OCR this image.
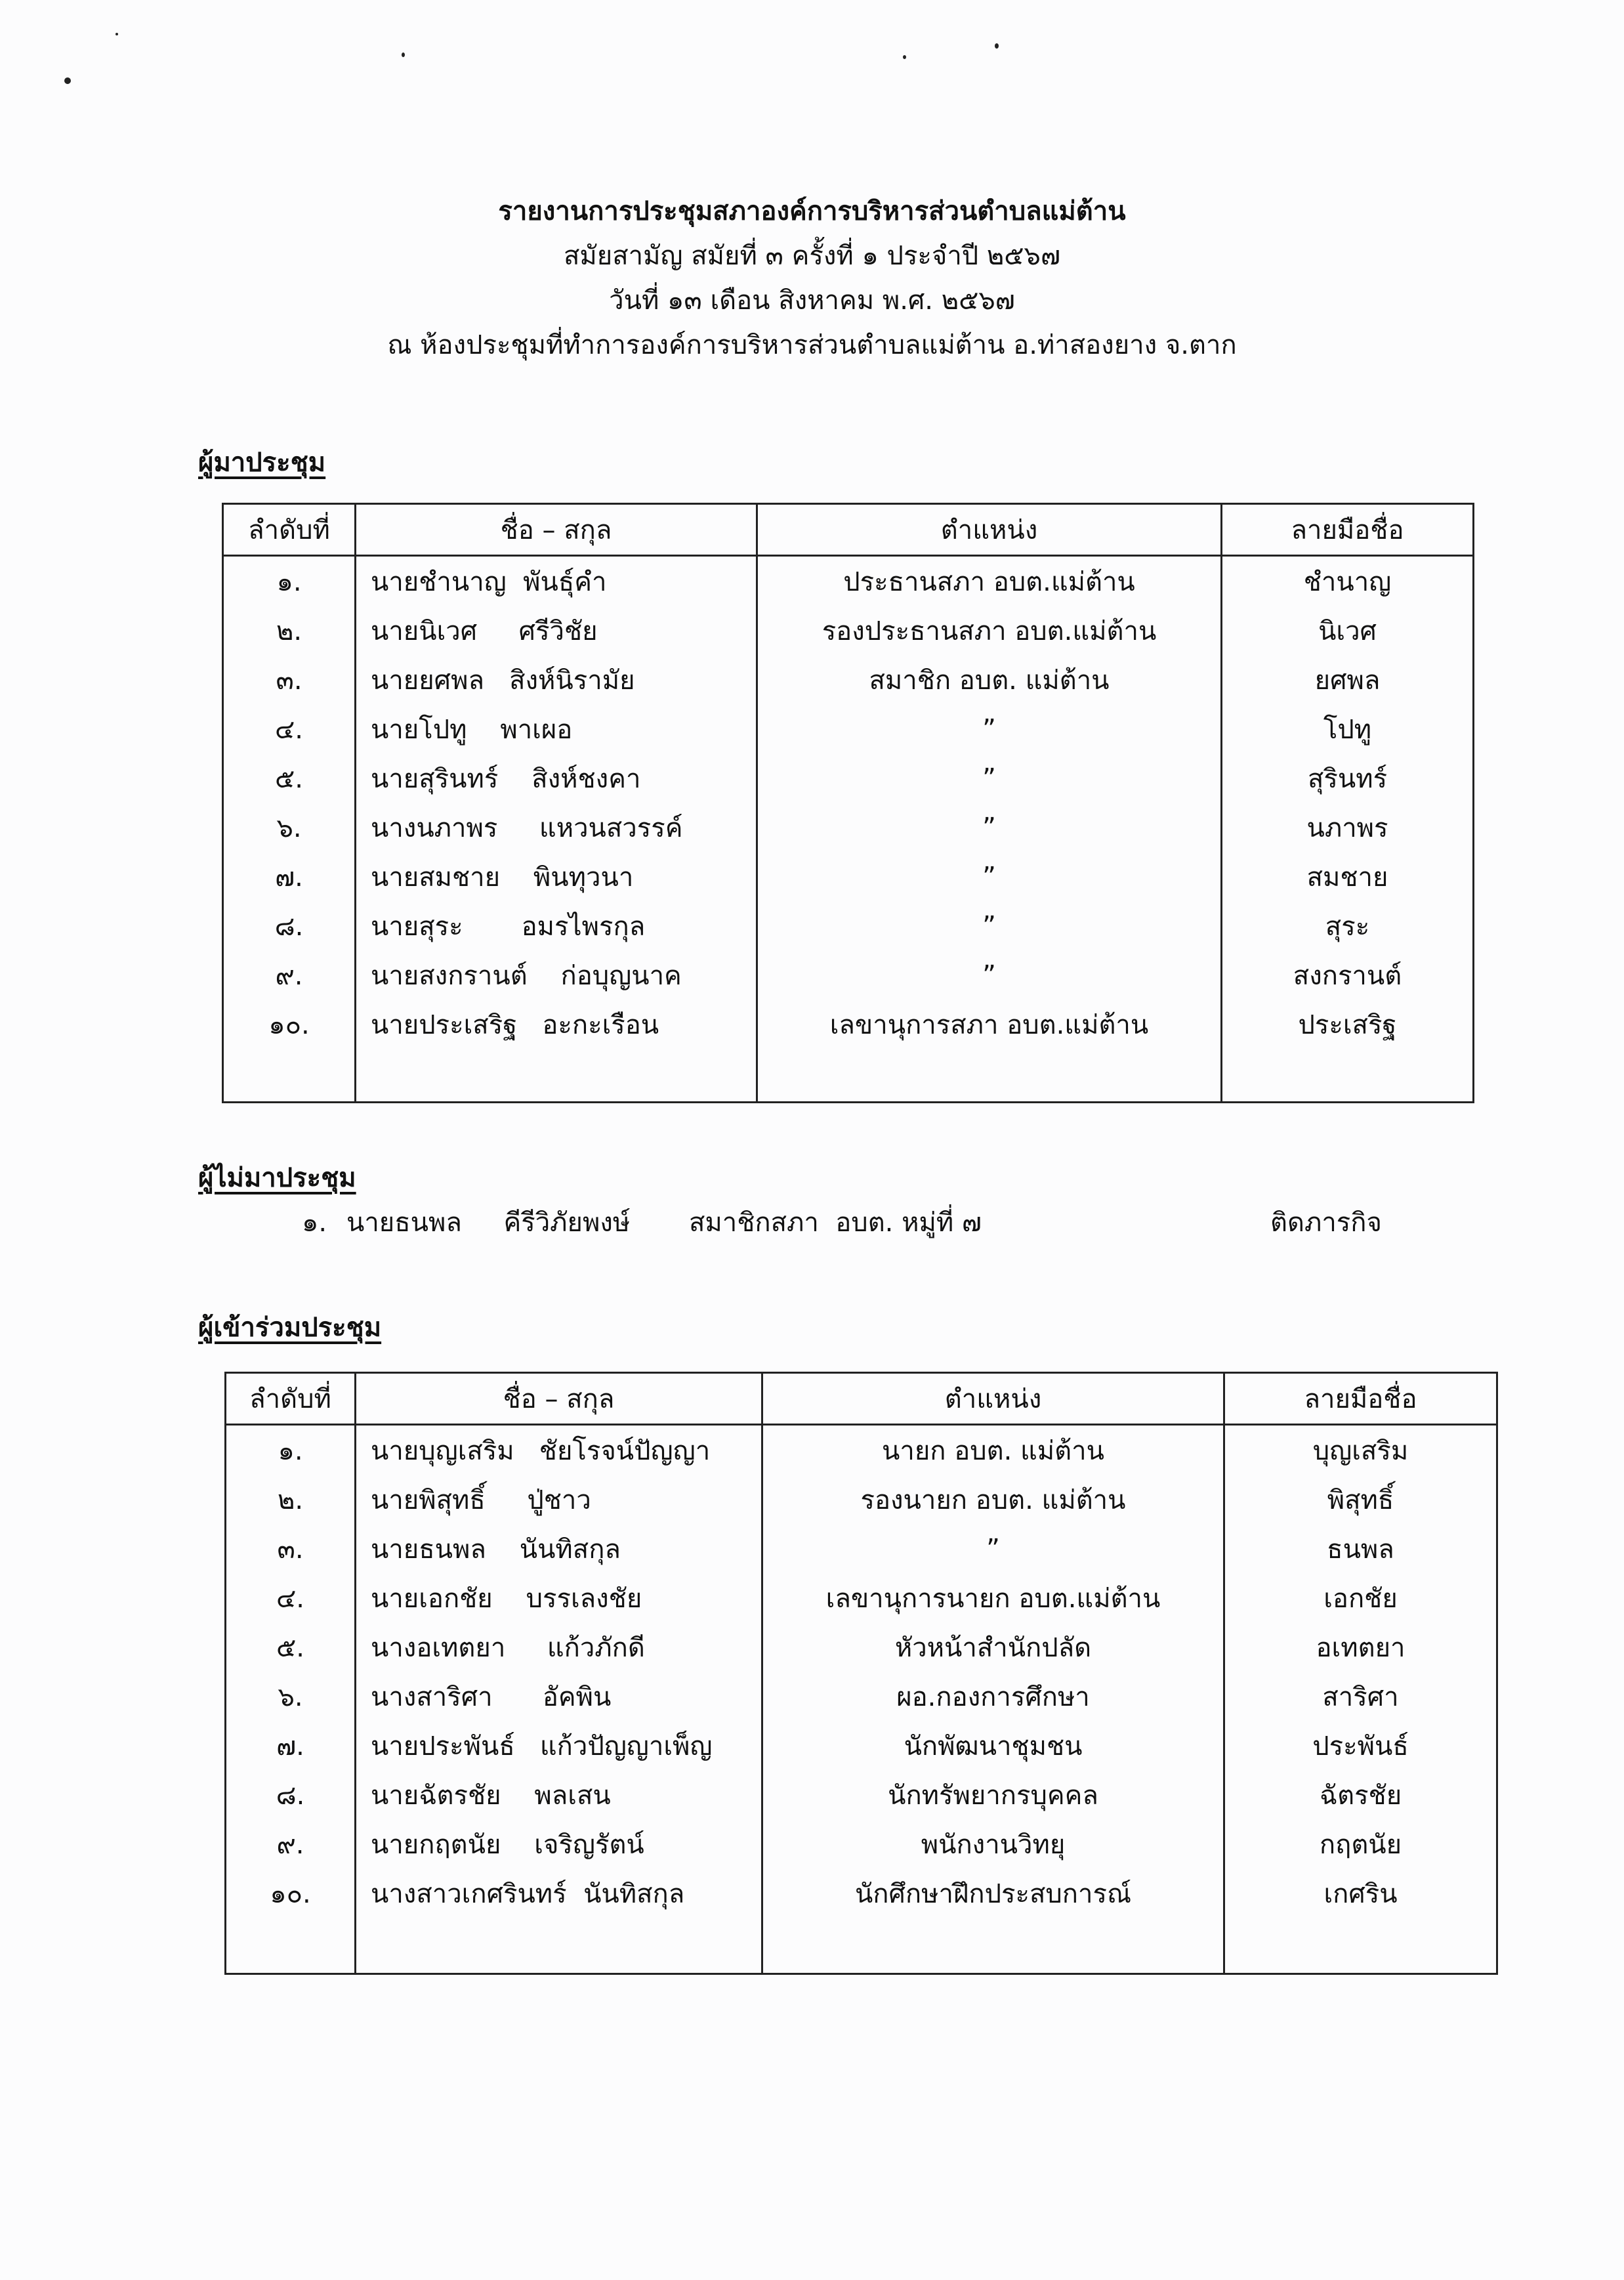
รายงานการประชุมสภาองค์การบริหารส่วนตำบลแม่ต้าน
สมัยสามัญ สมัยที่ ๓ ครั้งที่ ๑ ประจำปี ๒๕๖๗
วันที่ ๑๓ เดือน สิงหาคม พ.ศ. ๒๕๖๗
ณ ห้องประชุมที่ทำการองค์การบริหารส่วนตำบลแม่ต้าน อ.ท่าสองยาง จ.ตาก
ผู้มาประชุม
ลำดับที่	ชื่อ – สกุล	ตำแหน่ง	ลายมือชื่อ
๑.	นายชำนาญ  พันธุ์คำ	ประธานสภา อบต.แม่ต้าน	ชำนาญ
๒.	นายนิเวศ     ศรีวิชัย	รองประธานสภา อบต.แม่ต้าน	นิเวศ
๓.	นายยศพล   สิงห์นิรามัย	สมาชิก อบต. แม่ต้าน	ยศพล
๔.	นายโปทู    พาเผอ	”	โปทู
๕.	นายสุรินทร์    สิงห์ชงคา	”	สุรินทร์
๖.	นางนภาพร     แหวนสวรรค์	”	นภาพร
๗.	นายสมชาย    พินทุวนา	”	สมชาย
๘.	นายสุระ       อมรไพรกุล	”	สุระ
๙.	นายสงกรานต์    ก่อบุญนาค	”	สงกรานต์
๑๐.	นายประเสริฐ   อะกะเรือน	เลขานุการสภา อบต.แม่ต้าน	ประเสริฐ

ผู้ไม่มาประชุม
๑. นายธนพล     คีรีวิภัยพงษ์ สมาชิกสภา  อบต. หมู่ที่ ๗	ติดภารกิจ
ผู้เข้าร่วมประชุม
ลำดับที่	ชื่อ – สกุล	ตำแหน่ง	ลายมือชื่อ
๑.	นายบุญเสริม   ชัยโรจน์ปัญญา	นายก อบต. แม่ต้าน	บุญเสริม
๒.	นายพิสุทธิ์     ปู่ชาว	รองนายก อบต. แม่ต้าน	พิสุทธิ์
๓.	นายธนพล    นันทิสกุล	”	ธนพล
๔.	นายเอกชัย    บรรเลงชัย	เลขานุการนายก อบต.แม่ต้าน	เอกชัย
๕.	นางอเทตยา     แก้วภักดี	หัวหน้าสำนักปลัด	อเทตยา
๖.	นางสาริศา      อัคพิน	ผอ.กองการศึกษา	สาริศา
๗.	นายประพันธ์   แก้วปัญญาเพ็ญ	นักพัฒนาชุมชน	ประพันธ์
๘.	นายฉัตรชัย    พลเสน	นักทรัพยากรบุคคล	ฉัตรชัย
๙.	นายกฤตนัย    เจริญรัตน์	พนักงานวิทยุ	กฤตนัย
๑๐.	นางสาวเกศรินทร์  นันทิสกุล	นักศึกษาฝึกประสบการณ์	เกศริน
